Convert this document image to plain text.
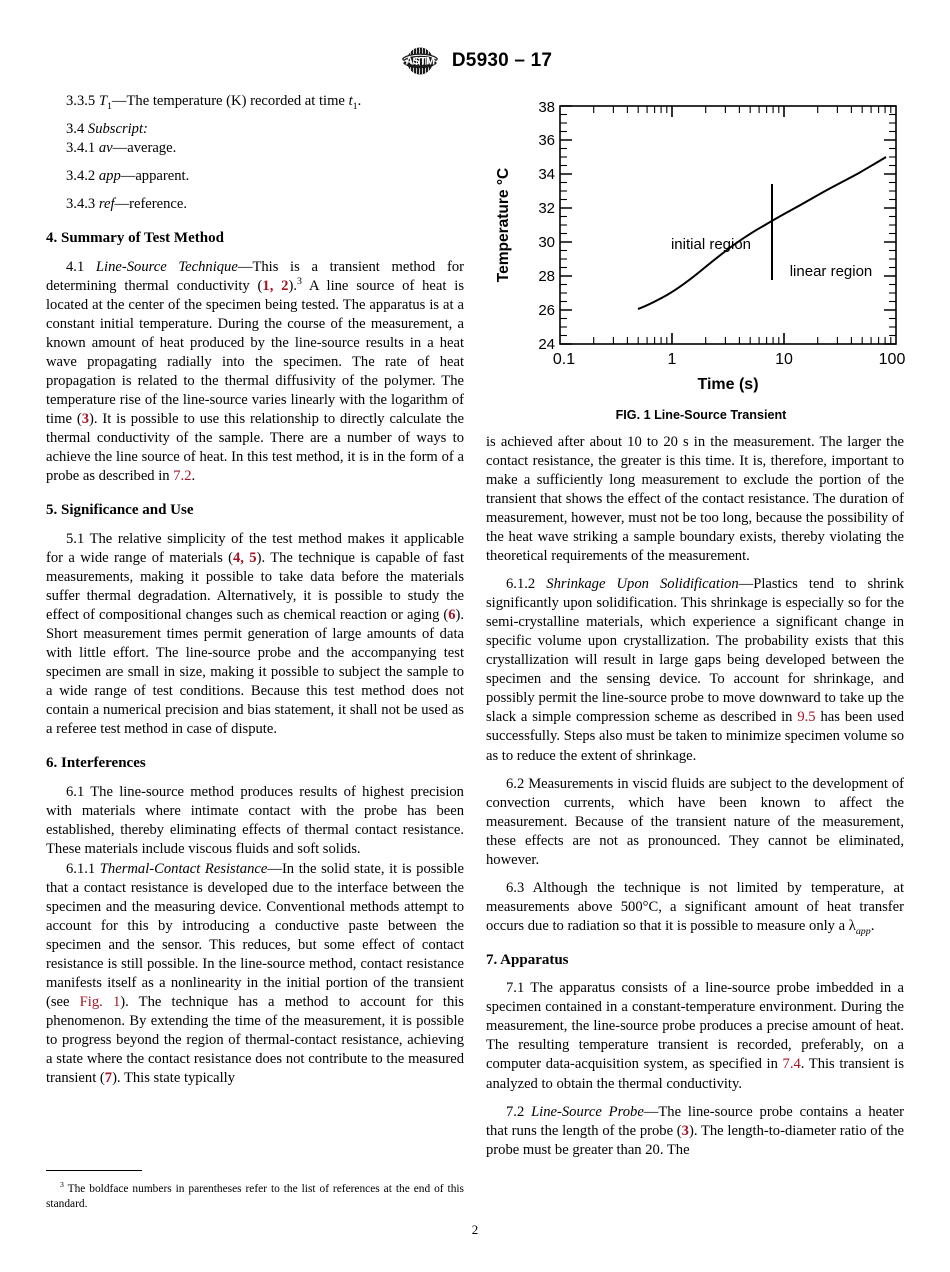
ASTM D5930 – 17

3.3.5 $T_1—The$ temperature (K) recorded at time $t_1$.

3.4 Subscript:

3.4.1 av—average.

3.4.2 app—apparent.

3.4.3 ref—reference.

4. Summary of Test Method

4.1 Line-Source Technique—This is a transient method for determining thermal conductivity (1, 2).$^3$ A line source of heat is located at the center of the specimen being tested. The apparatus is at a constant initial temperature. During the course of the measurement, a known amount of heat produced by the line-source results in a heat wave propagating radially into the specimen. The rate of heat propagation is related to the thermal diffusivity of the polymer. The temperature rise of the line-source varies linearly with the logarithm of time (3). It is possible to use this relationship to directly calculate the thermal conductivity of the sample. There are a number of ways to achieve the line source of heat. In this test method, it is in the form of a probe as described in 7.2.

5. Significance and Use

5.1 The relative simplicity of the test method makes it applicable for a wide range of materials (4, 5). The technique is capable of fast measurements, making it possible to take data before the materials suffer thermal degradation. Alternatively, it is possible to study the effect of compositional changes such as chemical reaction or aging (6). Short measurement times permit generation of large amounts of data with little effort. The line-source probe and the accompanying test specimen are small in size, making it possible to subject the sample to a wide range of test conditions. Because this test method does not contain a numerical precision and bias statement, it shall not be used as a referee test method in case of dispute.

6. Interferences

6.1 The line-source method produces results of highest precision with materials where intimate contact with the probe has been established, thereby eliminating effects of thermal contact resistance. These materials include viscous fluids and soft solids.

6.1.1 Thermal-Contact Resistance—In the solid state, it is possible that a contact resistance is developed due to the interface between the specimen and the measuring device. Conventional methods attempt to account for this by introducing a conductive paste between the specimen and the sensor. This reduces, but some effect of contact resistance is still possible. In the line-source method, contact resistance manifests itself as a nonlinearity in the initial portion of the transient (see Fig. 1). The technique has a method to account for this phenomenon. By extending the time of the measurement, it is possible to progress beyond the region of thermal-contact resistance, achieving a state where the contact resistance does not contribute to the measured transient (7). This state typically

$^3$ The boldface numbers in parentheses refer to the list of references at the end of this standard.

24
26
28
30
32
34
36
38
0.1	1	10	100
Temperature °C
Time (s)
initial region
linear region
FIG. 1 Line-Source Transient

is achieved after about 10 to 20 s in the measurement. The larger the contact resistance, the greater is this time. It is, therefore, important to make a sufficiently long measurement to exclude the portion of the transient that shows the effect of the contact resistance. The duration of measurement, however, must not be too long, because the possibility of the heat wave striking a sample boundary exists, thereby violating the theoretical requirements of the measurement.

6.1.2 Shrinkage Upon Solidification—Plastics tend to shrink significantly upon solidification. This shrinkage is especially so for the semi-crystalline materials, which experience a significant change in specific volume upon crystallization. The probability exists that this crystallization will result in large gaps being developed between the specimen and the sensing device. To account for shrinkage, and possibly permit the line-source probe to move downward to take up the slack a simple compression scheme as described in 9.5 has been used successfully. Steps also must be taken to minimize specimen volume so as to reduce the extent of shrinkage.

6.2 Measurements in viscid fluids are subject to the development of convection currents, which have been known to affect the measurement. Because of the transient nature of the measurement, these effects are not as pronounced. They cannot be eliminated, however.

6.3 Although the technique is not limited by temperature, at measurements above 500°C, a significant amount of heat transfer occurs due to radiation so that it is possible to measure only a $\lambda_{app}$.

7. Apparatus

7.1 The apparatus consists of a line-source probe imbedded in a specimen contained in a constant-temperature environment. During the measurement, the line-source probe produces a precise amount of heat. The resulting temperature transient is recorded, preferably, on a computer data-acquisition system, as specified in 7.4. This transient is analyzed to obtain the thermal conductivity.

7.2 Line-Source Probe—The line-source probe contains a heater that runs the length of the probe (3). The length-to-diameter ratio of the probe must be greater than 20. The

2
